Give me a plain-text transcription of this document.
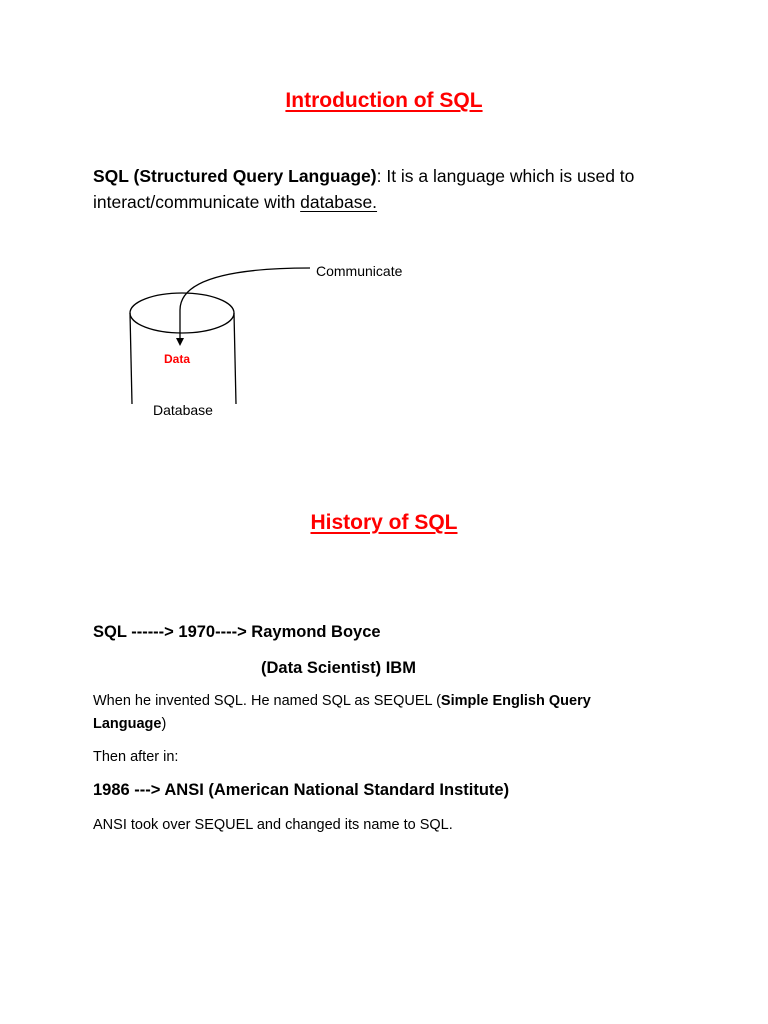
Introduction of SQL

SQL (Structured Query Language): It is a language which is used to interact/communicate with database.

Communicate

Data

Database

History of SQL

SQL ------> 1970----> Raymond Boyce

(Data Scientist) IBM

When he invented SQL. He named SQL as SEQUEL (Simple English Query Language)

Then after in:

1986 ---> ANSI (American National Standard Institute)

ANSI took over SEQUEL and changed its name to SQL.
